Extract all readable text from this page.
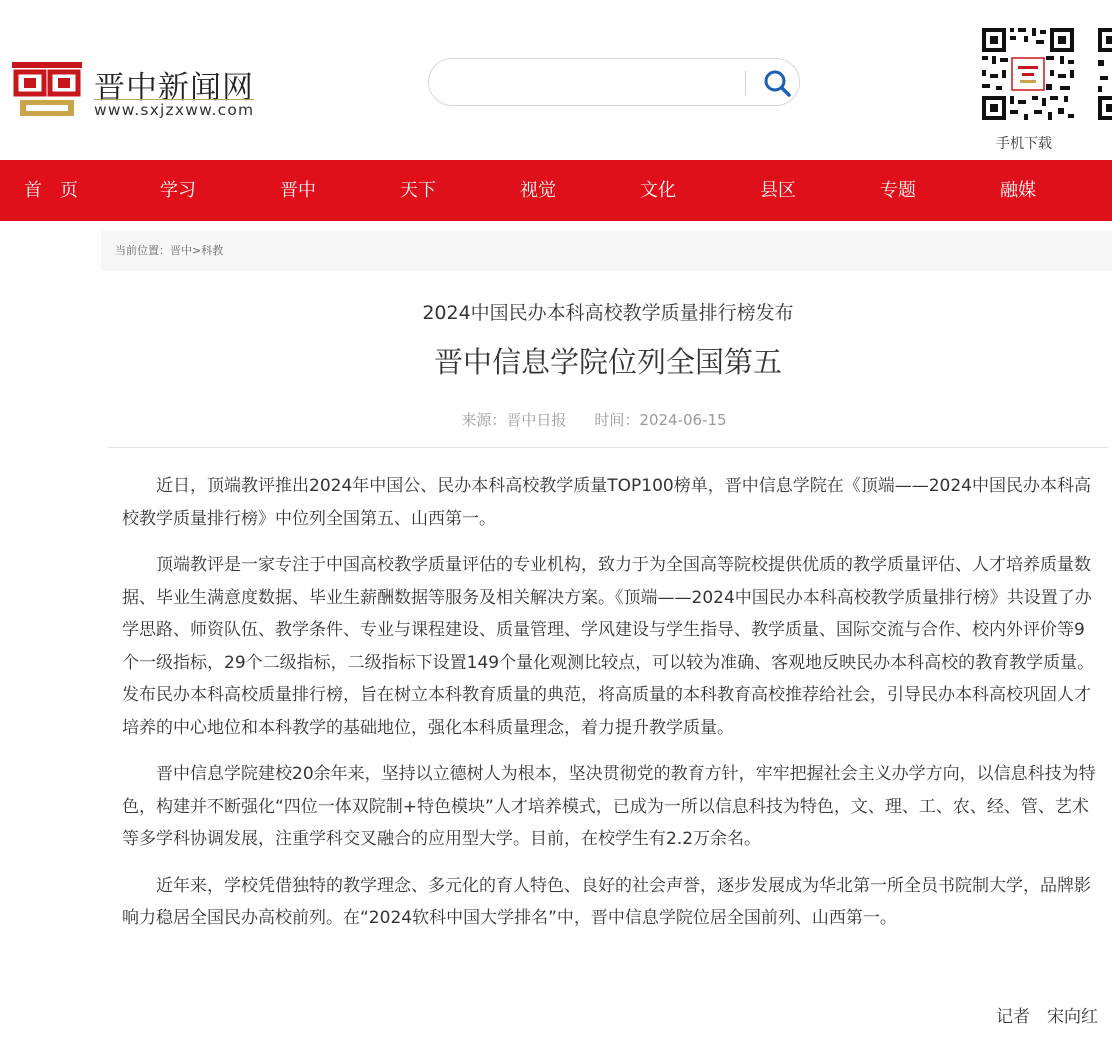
晋中新闻网
www.sxjzxww.com
手机下载
首　页	学习	晋中	天下	视觉	文化	县区	专题	融媒
当前位置：晋中>科教
2024中国民办本科高校教学质量排行榜发布
晋中信息学院位列全国第五
来源：晋中日报 时间：2024-06-15

近日，顶端教评推出2024年中国公、民办本科高校教学质量TOP100榜单，晋中信息学院在《顶端——2024中国民办本科高校教学质量排行榜》中位列全国第五、山西第一。

顶端教评是一家专注于中国高校教学质量评估的专业机构，致力于为全国高等院校提供优质的教学质量评估、人才培养质量数据、毕业生满意度数据、毕业生薪酬数据等服务及相关解决方案。《顶端——2024中国民办本科高校教学质量排行榜》共设置了办学思路、师资队伍、教学条件、专业与课程建设、质量管理、学风建设与学生指导、教学质量、国际交流与合作、校内外评价等9个一级指标，29个二级指标，二级指标下设置149个量化观测比较点，可以较为准确、客观地反映民办本科高校的教育教学质量。发布民办本科高校质量排行榜，旨在树立本科教育质量的典范，将高质量的本科教育高校推荐给社会，引导民办本科高校巩固人才培养的中心地位和本科教学的基础地位，强化本科质量理念，着力提升教学质量。

晋中信息学院建校20余年来，坚持以立德树人为根本，坚决贯彻党的教育方针，牢牢把握社会主义办学方向，以信息科技为特色，构建并不断强化“四位一体双院制+特色模块”人才培养模式，已成为一所以信息科技为特色，文、理、工、农、经、管、艺术等多学科协调发展，注重学科交叉融合的应用型大学。目前，在校学生有2.2万余名。

近年来，学校凭借独特的教学理念、多元化的育人特色、良好的社会声誉，逐步发展成为华北第一所全员书院制大学，品牌影响力稳居全国民办高校前列。在“2024软科中国大学排名”中，晋中信息学院位居全国前列、山西第一。

记者　宋向红
